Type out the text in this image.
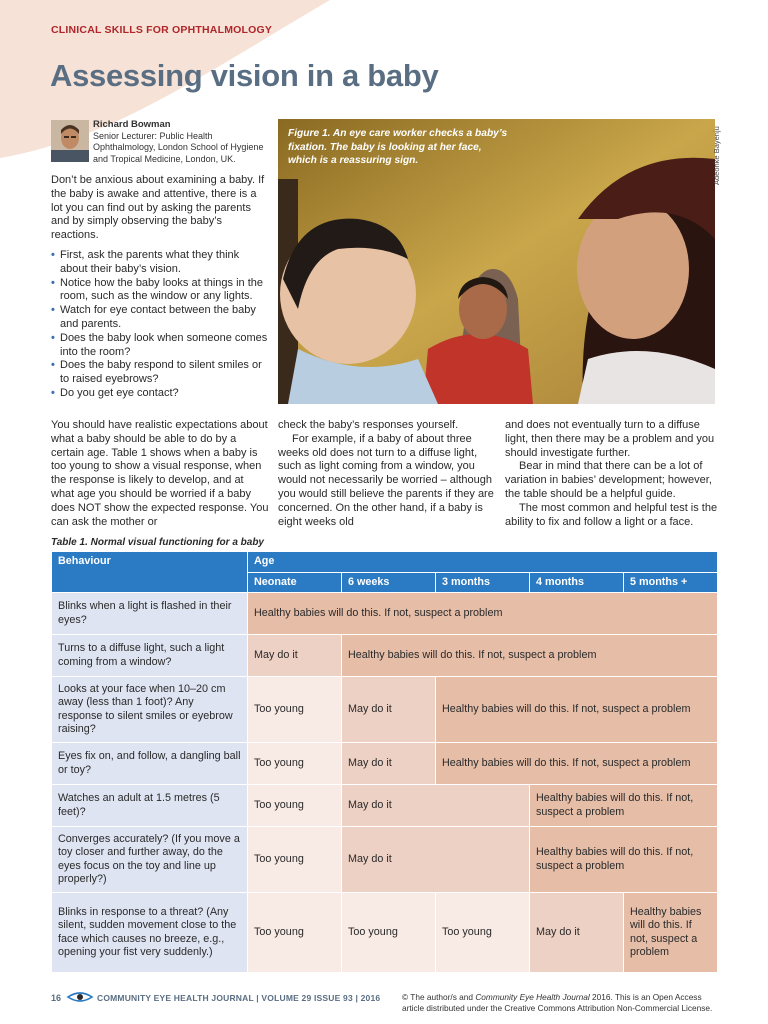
CLINICAL SKILLS FOR OPHTHALMOLOGY
Assessing vision in a baby
Richard Bowman
Senior Lecturer: Public Health Ophthalmology, London School of Hygiene and Tropical Medicine, London, UK.

Don’t be anxious about examining a baby. If the baby is awake and attentive, there is a lot you can find out by asking the parents and by simply observing the baby’s reactions.

• First, ask the parents what they think about their baby’s vision.
• Notice how the baby looks at things in the room, such as the window or any lights.
• Watch for eye contact between the baby and parents.
• Does the baby look when someone comes into the room?
• Does the baby respond to silent smiles or to raised eyebrows?
• Do you get eye contact?

You should have realistic expectations about what a baby should be able to do by a certain age. Table 1 shows when a baby is too young to show a visual response, when the response is likely to develop, and at what age you should be worried if a baby does NOT show the expected response. You can ask the mother or

check the baby’s responses yourself.

For example, if a baby of about three weeks old does not turn to a diffuse light, such as light coming from a window, you would not necessarily be worried – although you would still believe the parents if they are concerned. On the other hand, if a baby is eight weeks old

and does not eventually turn to a diffuse light, then there may be a problem and you should investigate further.

Bear in mind that there can be a lot of variation in babies’ development; however, the table should be a helpful guide.

The most common and helpful test is the ability to fix and follow a light or a face.

Figure 1. An eye care worker checks a baby’s fixation. The baby is looking at her face, which is a reassuring sign.	Adeonke Bayenju
Table 1. Normal visual functioning for a baby
Behaviour	Age				
	Neonate	6 weeks	3 months	4 months	5 months +
Blinks when a light is flashed in their eyes?	Healthy babies will do this. If not, suspect a problem				
Turns to a diffuse light, such a light coming from a window?	May do it	Healthy babies will do this. If not, suspect a problem			
Looks at your face when 10–20 cm away (less than 1 foot)? Any response to silent smiles or eyebrow raising?	Too young	May do it	Healthy babies will do this. If not, suspect a problem		
Eyes fix on, and follow, a dangling ball or toy?	Too young	May do it	Healthy babies will do this. If not, suspect a problem		
Watches an adult at 1.5 metres (5 feet)?	Too young	May do it		Healthy babies will do this. If not, suspect a problem	
Converges accurately? (If you move a toy closer and further away, do the eyes focus on the toy and line up properly?)	Too young	May do it		Healthy babies will do this. If not, suspect a problem	
Blinks in response to a threat? (Any silent, sudden movement close to the face which causes no breeze, e.g., opening your fist very suddenly.)	Too young	Too young	Too young	May do it	Healthy babies will do this. If not, suspect a problem
16	COMMUNITY EYE HEALTH JOURNAL | VOLUME 29 ISSUE 93 | 2016	© The author/s and Community Eye Health Journal 2016. This is an Open Access article distributed under the Creative Commons Attribution Non-Commercial License.
